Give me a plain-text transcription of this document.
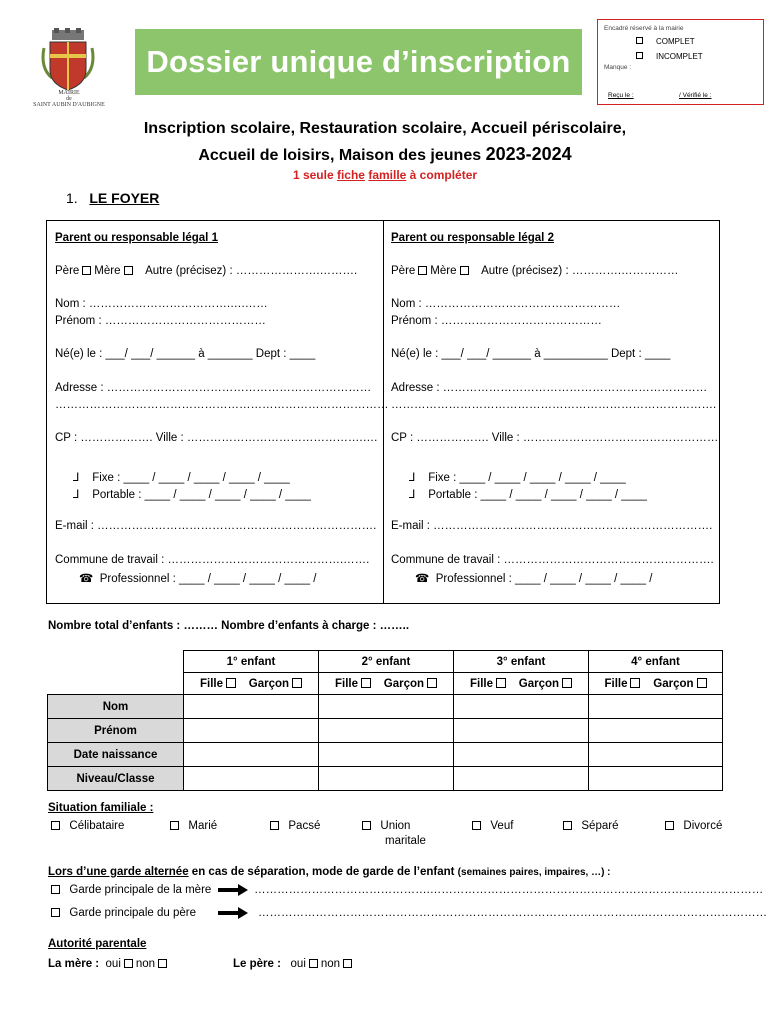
MAIRIE
de
SAINT AUBIN D'AUBIGNE
Dossier unique d’inscription
Encadré réservé à la mairie
COMPLET
INCOMPLET
Manque :
Reçu le :	/ Vérifié le :
Inscription scolaire, Restauration scolaire, Accueil périscolaire,
Accueil de loisirs, Maison des jeunes 2023-2024
1 seule fiche famille à compléter
1. LE FOYER
Parent ou responsable légal 1
Père Mère Autre (précisez) : ………………….……….
Nom : ……………………………….….……
Prénom : ……………………………………
Né(e) le : ___/ ___/ ______ à _______ Dept : ____
Adresse : ……………………………………………………………
……………………………………………………………………………
CP : ………………. Ville : ……………………………………….….
⅃ Fixe : ____ / ____ / ____ / ____ / ____
⅃ Portable : ____ / ____ / ____ / ____ / ____
E-mail : ……………………………………………………………….
Commune de travail : ……………………………………….…….
☎ Professionnel : ____ / ____ / ____ / ____ /
Parent ou responsable légal 2
Père Mère Autre (précisez) : ………….……………
Nom : ……………………………………………
Prénom : ……………………………………
Né(e) le : ___/ ___/ ______ à __________ Dept : ____
Adresse : ……………………………………………………………
………………………………………………………………………….
CP : ………………. Ville : ……………………………………………
⅃ Fixe : ____ / ____ / ____ / ____ / ____
⅃ Portable : ____ / ____ / ____ / ____ / ____
E-mail : ……………………………………………………………….
Commune de travail : ……………………………………………….
☎ Professionnel : ____ / ____ / ____ / ____ /
Nombre total d’enfants : ……… Nombre d’enfants à charge : ……..
	1° enfant	2° enfant	3° enfant	4° enfant
	Fille Garçon	Fille Garçon	Fille Garçon	Fille Garçon
Nom				
Prénom				
Date naissance				
Niveau/Classe				
Situation familiale :
Célibataire	Marié	Pacsé	Union
maritale
Veuf	Séparé	Divorcé
Lors d’une garde alternée en cas de séparation, mode de garde de l’enfant (semaines paires, impaires, …) :
Garde principale de la mère	……………………………………….……………………………………………………………………………
Garde principale du père	……………………………………………………………………………………….……………………………
Autorité parentale
La mère : oui non	Le père : oui non
